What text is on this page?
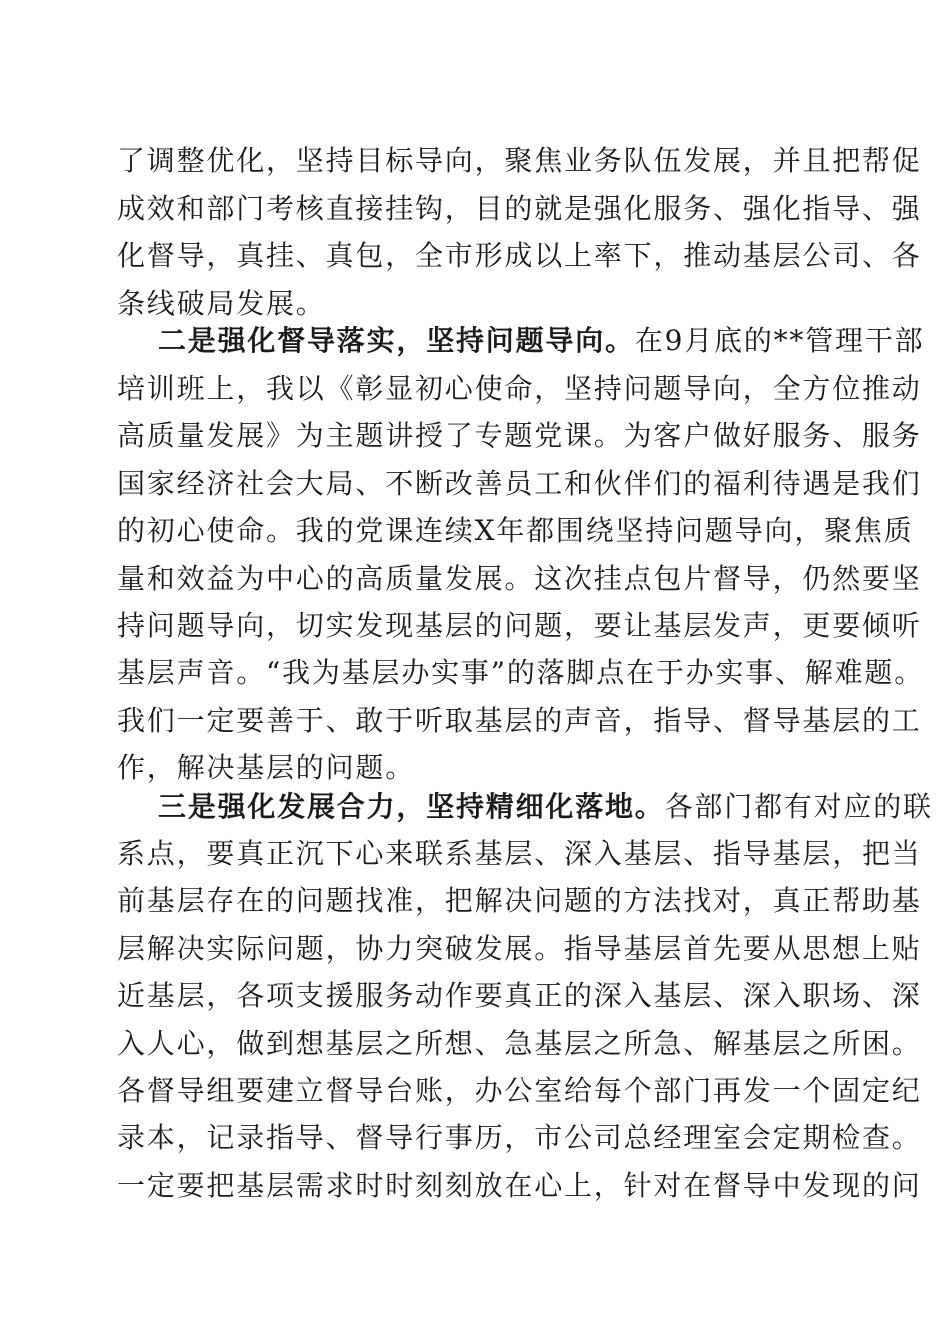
了调整优化，坚持目标导向，聚焦业务队伍发展，并且把帮促
成效和部门考核直接挂钩，目的就是强化服务、强化指导、强
化督导，真挂、真包，全市形成以上率下，推动基层公司、各
条线破局发展。
二是强化督导落实，坚持问题导向。在9月底的**管理干部
培训班上，我以《彰显初心使命，坚持问题导向，全方位推动
高质量发展》为主题讲授了专题党课。为客户做好服务、服务
国家经济社会大局、不断改善员工和伙伴们的福利待遇是我们
的初心使命。我的党课连续X年都围绕坚持问题导向，聚焦质
量和效益为中心的高质量发展。这次挂点包片督导，仍然要坚
持问题导向，切实发现基层的问题，要让基层发声，更要倾听
基层声音。“我为基层办实事”的落脚点在于办实事、解难题。
我们一定要善于、敢于听取基层的声音，指导、督导基层的工
作，解决基层的问题。
三是强化发展合力，坚持精细化落地。各部门都有对应的联
系点，要真正沉下心来联系基层、深入基层、指导基层，把当
前基层存在的问题找准，把解决问题的方法找对，真正帮助基
层解决实际问题，协力突破发展。指导基层首先要从思想上贴
近基层，各项支援服务动作要真正的深入基层、深入职场、深
入人心，做到想基层之所想、急基层之所急、解基层之所困。
各督导组要建立督导台账，办公室给每个部门再发一个固定纪
录本，记录指导、督导行事历，市公司总经理室会定期检查。
一定要把基层需求时时刻刻放在心上，针对在督导中发现的问
